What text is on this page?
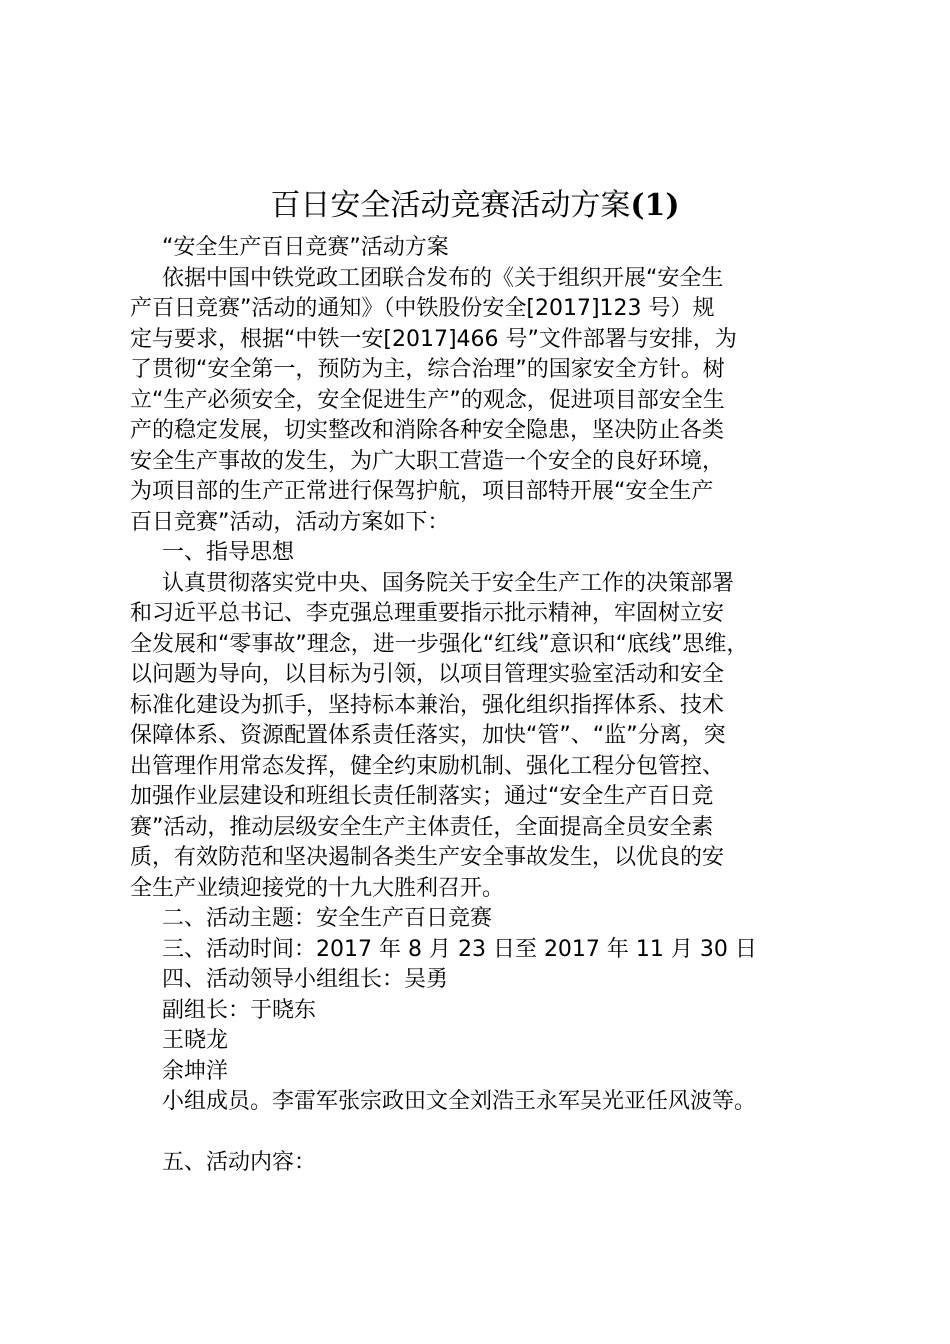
百日安全活动竞赛活动方案(1)
“安全生产百日竞赛”活动方案
依据中国中铁党政工团联合发布的《关于组织开展“安全生
产百日竞赛”活动的通知》（中铁股份安全[2017]123 号）规
定与要求，根据“中铁一安[2017]466 号”文件部署与安排，为
了贯彻“安全第一，预防为主，综合治理”的国家安全方针。树
立“生产必须安全，安全促进生产”的观念，促进项目部安全生
产的稳定发展，切实整改和消除各种安全隐患，坚决防止各类
安全生产事故的发生，为广大职工营造一个安全的良好环境，
为项目部的生产正常进行保驾护航，项目部特开展“安全生产
百日竞赛”活动，活动方案如下：
一、指导思想
认真贯彻落实党中央、国务院关于安全生产工作的决策部署
和习近平总书记、李克强总理重要指示批示精神，牢固树立安
全发展和“零事故”理念，进一步强化“红线”意识和“底线”思维，
以问题为导向，以目标为引领，以项目管理实验室活动和安全
标准化建设为抓手，坚持标本兼治，强化组织指挥体系、技术
保障体系、资源配置体系责任落实，加快“管”、“监”分离，突
出管理作用常态发挥，健全约束励机制、强化工程分包管控、
加强作业层建设和班组长责任制落实；通过“安全生产百日竞
赛”活动，推动层级安全生产主体责任，全面提高全员安全素
质，有效防范和坚决遏制各类生产安全事故发生，以优良的安
全生产业绩迎接党的十九大胜利召开。
二、活动主题：安全生产百日竞赛
三、活动时间：2017 年 8 月 23 日至 2017 年 11 月 30 日
四、活动领导小组组长：吴勇
副组长：于晓东
王晓龙
余坤洋
小组成员。李雷军张宗政田文全刘浩王永军吴光亚任风波等。
五、活动内容：
